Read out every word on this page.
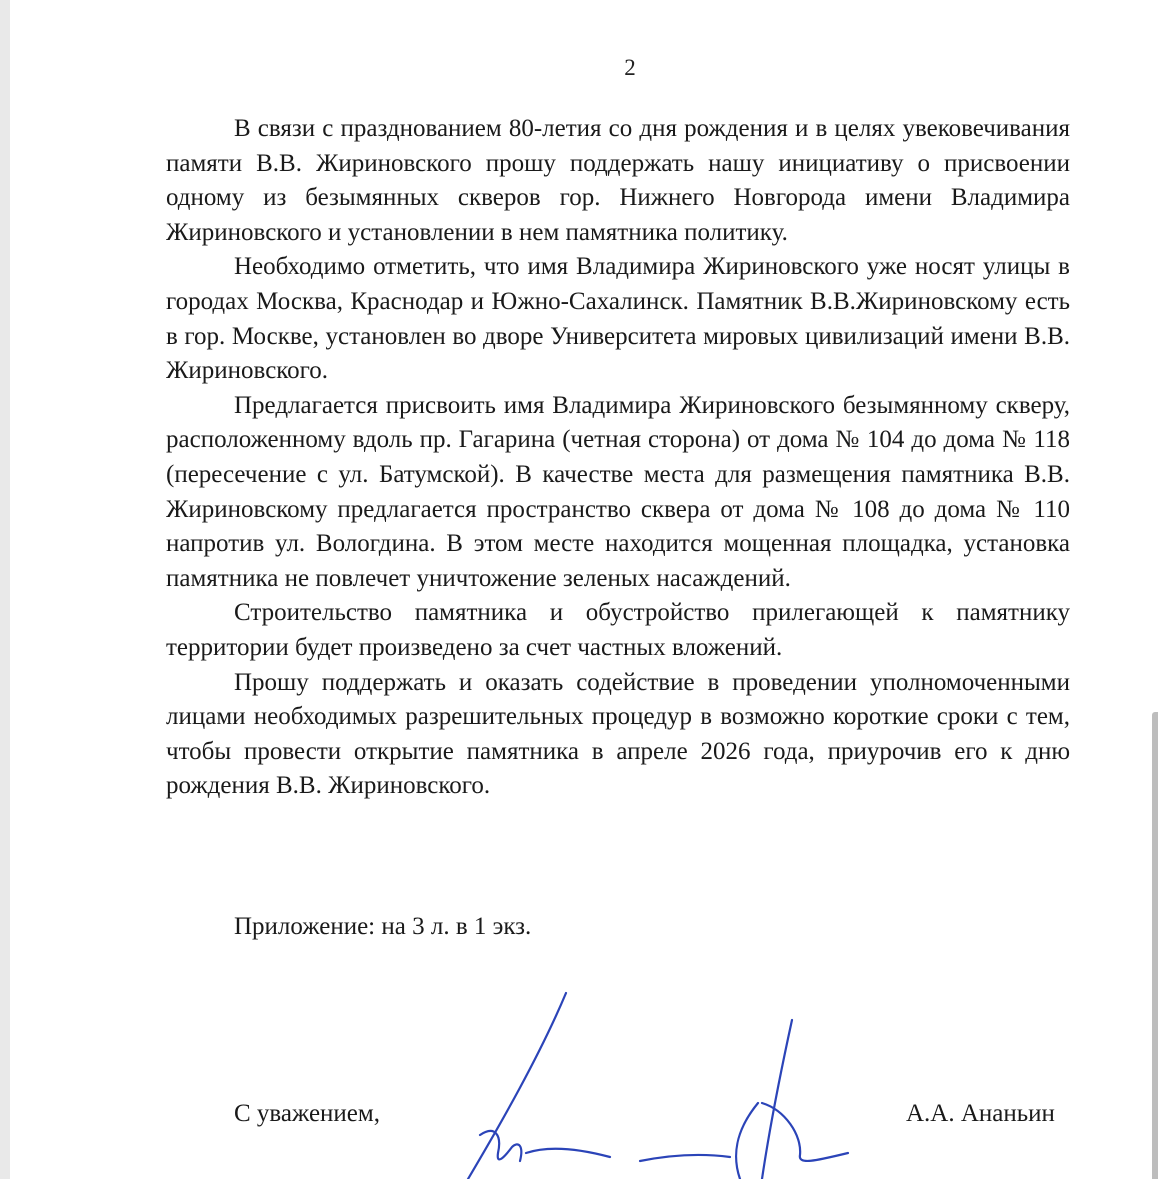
2

В связи с празднованием 80-летия со дня рождения и в целях увековечивания памяти В.В. Жириновского прошу поддержать нашу инициативу о присвоении одному из безымянных скверов гор. Нижнего Новгорода имени Владимира Жириновского и установлении в нем памятника политику.

Необходимо отметить, что имя Владимира Жириновского уже носят улицы в городах Москва, Краснодар и Южно-Сахалинск. Памятник В.В.Жириновскому есть в гор. Москве, установлен во дворе Университета мировых цивилизаций имени В.В. Жириновского.

Предлагается присвоить имя Владимира Жириновского безымянному скверу, расположенному вдоль пр. Гагарина (четная сторона) от дома № 104 до дома № 118 (пересечение с ул. Батумской). В качестве места для размещения памятника В.В. Жириновскому предлагается пространство сквера от дома № 108 до дома № 110 напротив ул. Вологдина. В этом месте находится мощенная площадка, установка памятника не повлечет уничтожение зеленых насаждений.

Строительство памятника и обустройство прилегающей к памятнику территории будет произведено за счет частных вложений.

Прошу поддержать и оказать содействие в проведении уполномоченными лицами необходимых разрешительных процедур в возможно короткие сроки с тем, чтобы провести открытие памятника в апреле 2026 года, приурочив его к дню рождения В.В. Жириновского.

Приложение: на 3 л. в 1 экз.
С уважением,	А.А. Ананьин
